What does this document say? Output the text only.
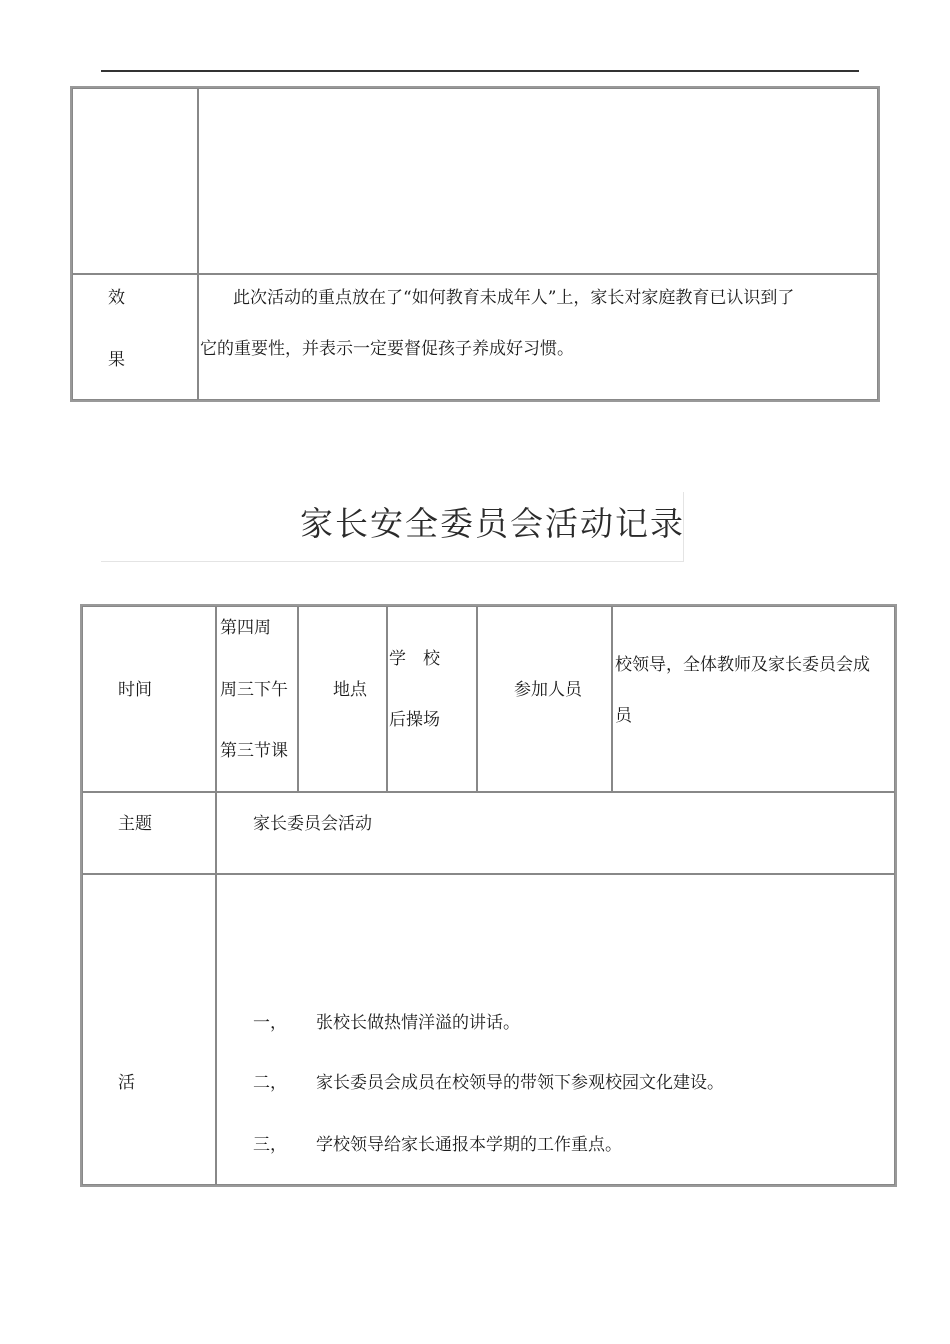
效
果
此次活动的重点放在了“如何教育未成年人”上，家长对家庭教育已认识到了
它的重要性，并表示一定要督促孩子养成好习惯。
家长安全委员会活动记录
时间
第四周
周三下午
第三节课
地点
学　校
后操场
参加人员
校领导，全体教师及家长委员会成
员
主题	家长委员会活动
活
一， 张校长做热情洋溢的讲话。
二， 家长委员会成员在校领导的带领下参观校园文化建设。
三， 学校领导给家长通报本学期的工作重点。
